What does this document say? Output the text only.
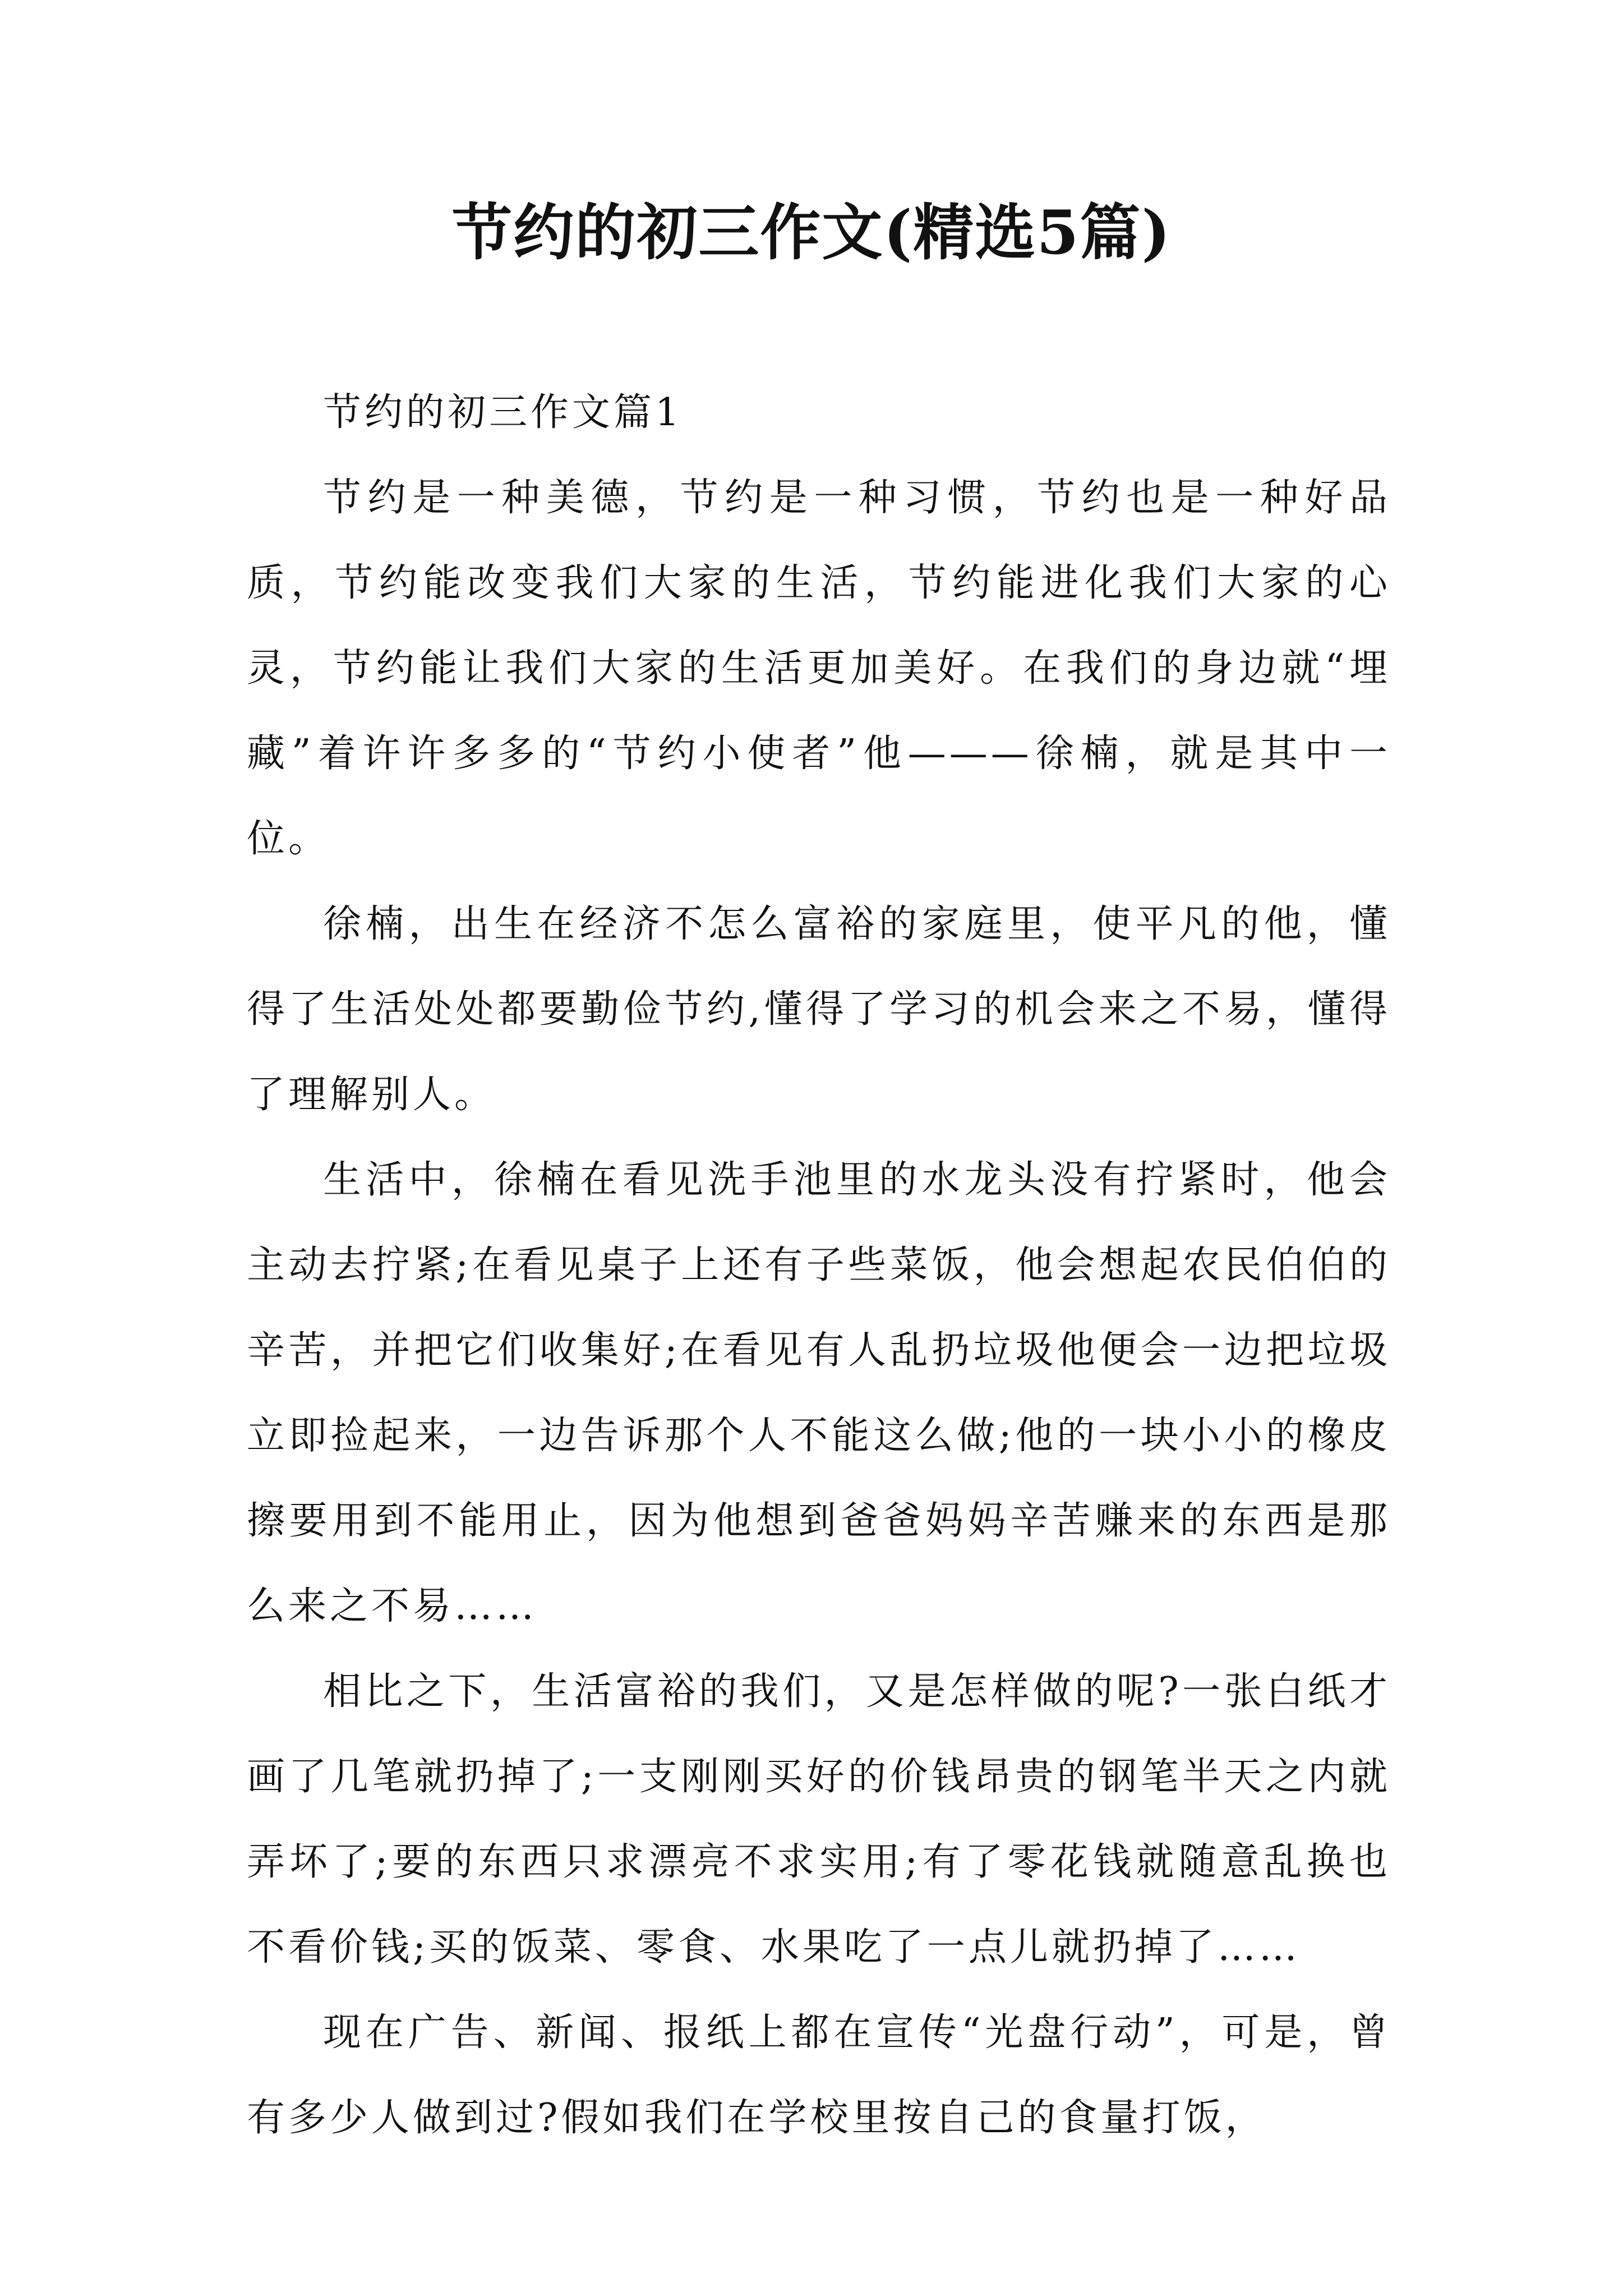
节约的初三作文(精选5篇)

节约的初三作文篇1

节约是一种美德，节约是一种习惯，节约也是一种好品质，节约能改变我们大家的生活，节约能进化我们大家的心灵，节约能让我们大家的生活更加美好。在我们的身边就“埋藏”着许许多多的“节约小使者”他———徐楠，就是其中一位。

徐楠，出生在经济不怎么富裕的家庭里，使平凡的他，懂得了生活处处都要勤俭节约,懂得了学习的机会来之不易，懂得了理解别人。

生活中，徐楠在看见洗手池里的水龙头没有拧紧时，他会主动去拧紧;在看见桌子上还有子些菜饭，他会想起农民伯伯的辛苦，并把它们收集好;在看见有人乱扔垃圾他便会一边把垃圾立即捡起来，一边告诉那个人不能这么做;他的一块小小的橡皮擦要用到不能用止，因为他想到爸爸妈妈辛苦赚来的东西是那么来之不易……

相比之下，生活富裕的我们，又是怎样做的呢?一张白纸才画了几笔就扔掉了;一支刚刚买好的价钱昂贵的钢笔半天之内就弄坏了;要的东西只求漂亮不求实用;有了零花钱就随意乱换也不看价钱;买的饭菜、零食、水果吃了一点儿就扔掉了……

现在广告、新闻、报纸上都在宣传“光盘行动”，可是，曾有多少人做到过?假如我们在学校里按自己的食量打饭，
